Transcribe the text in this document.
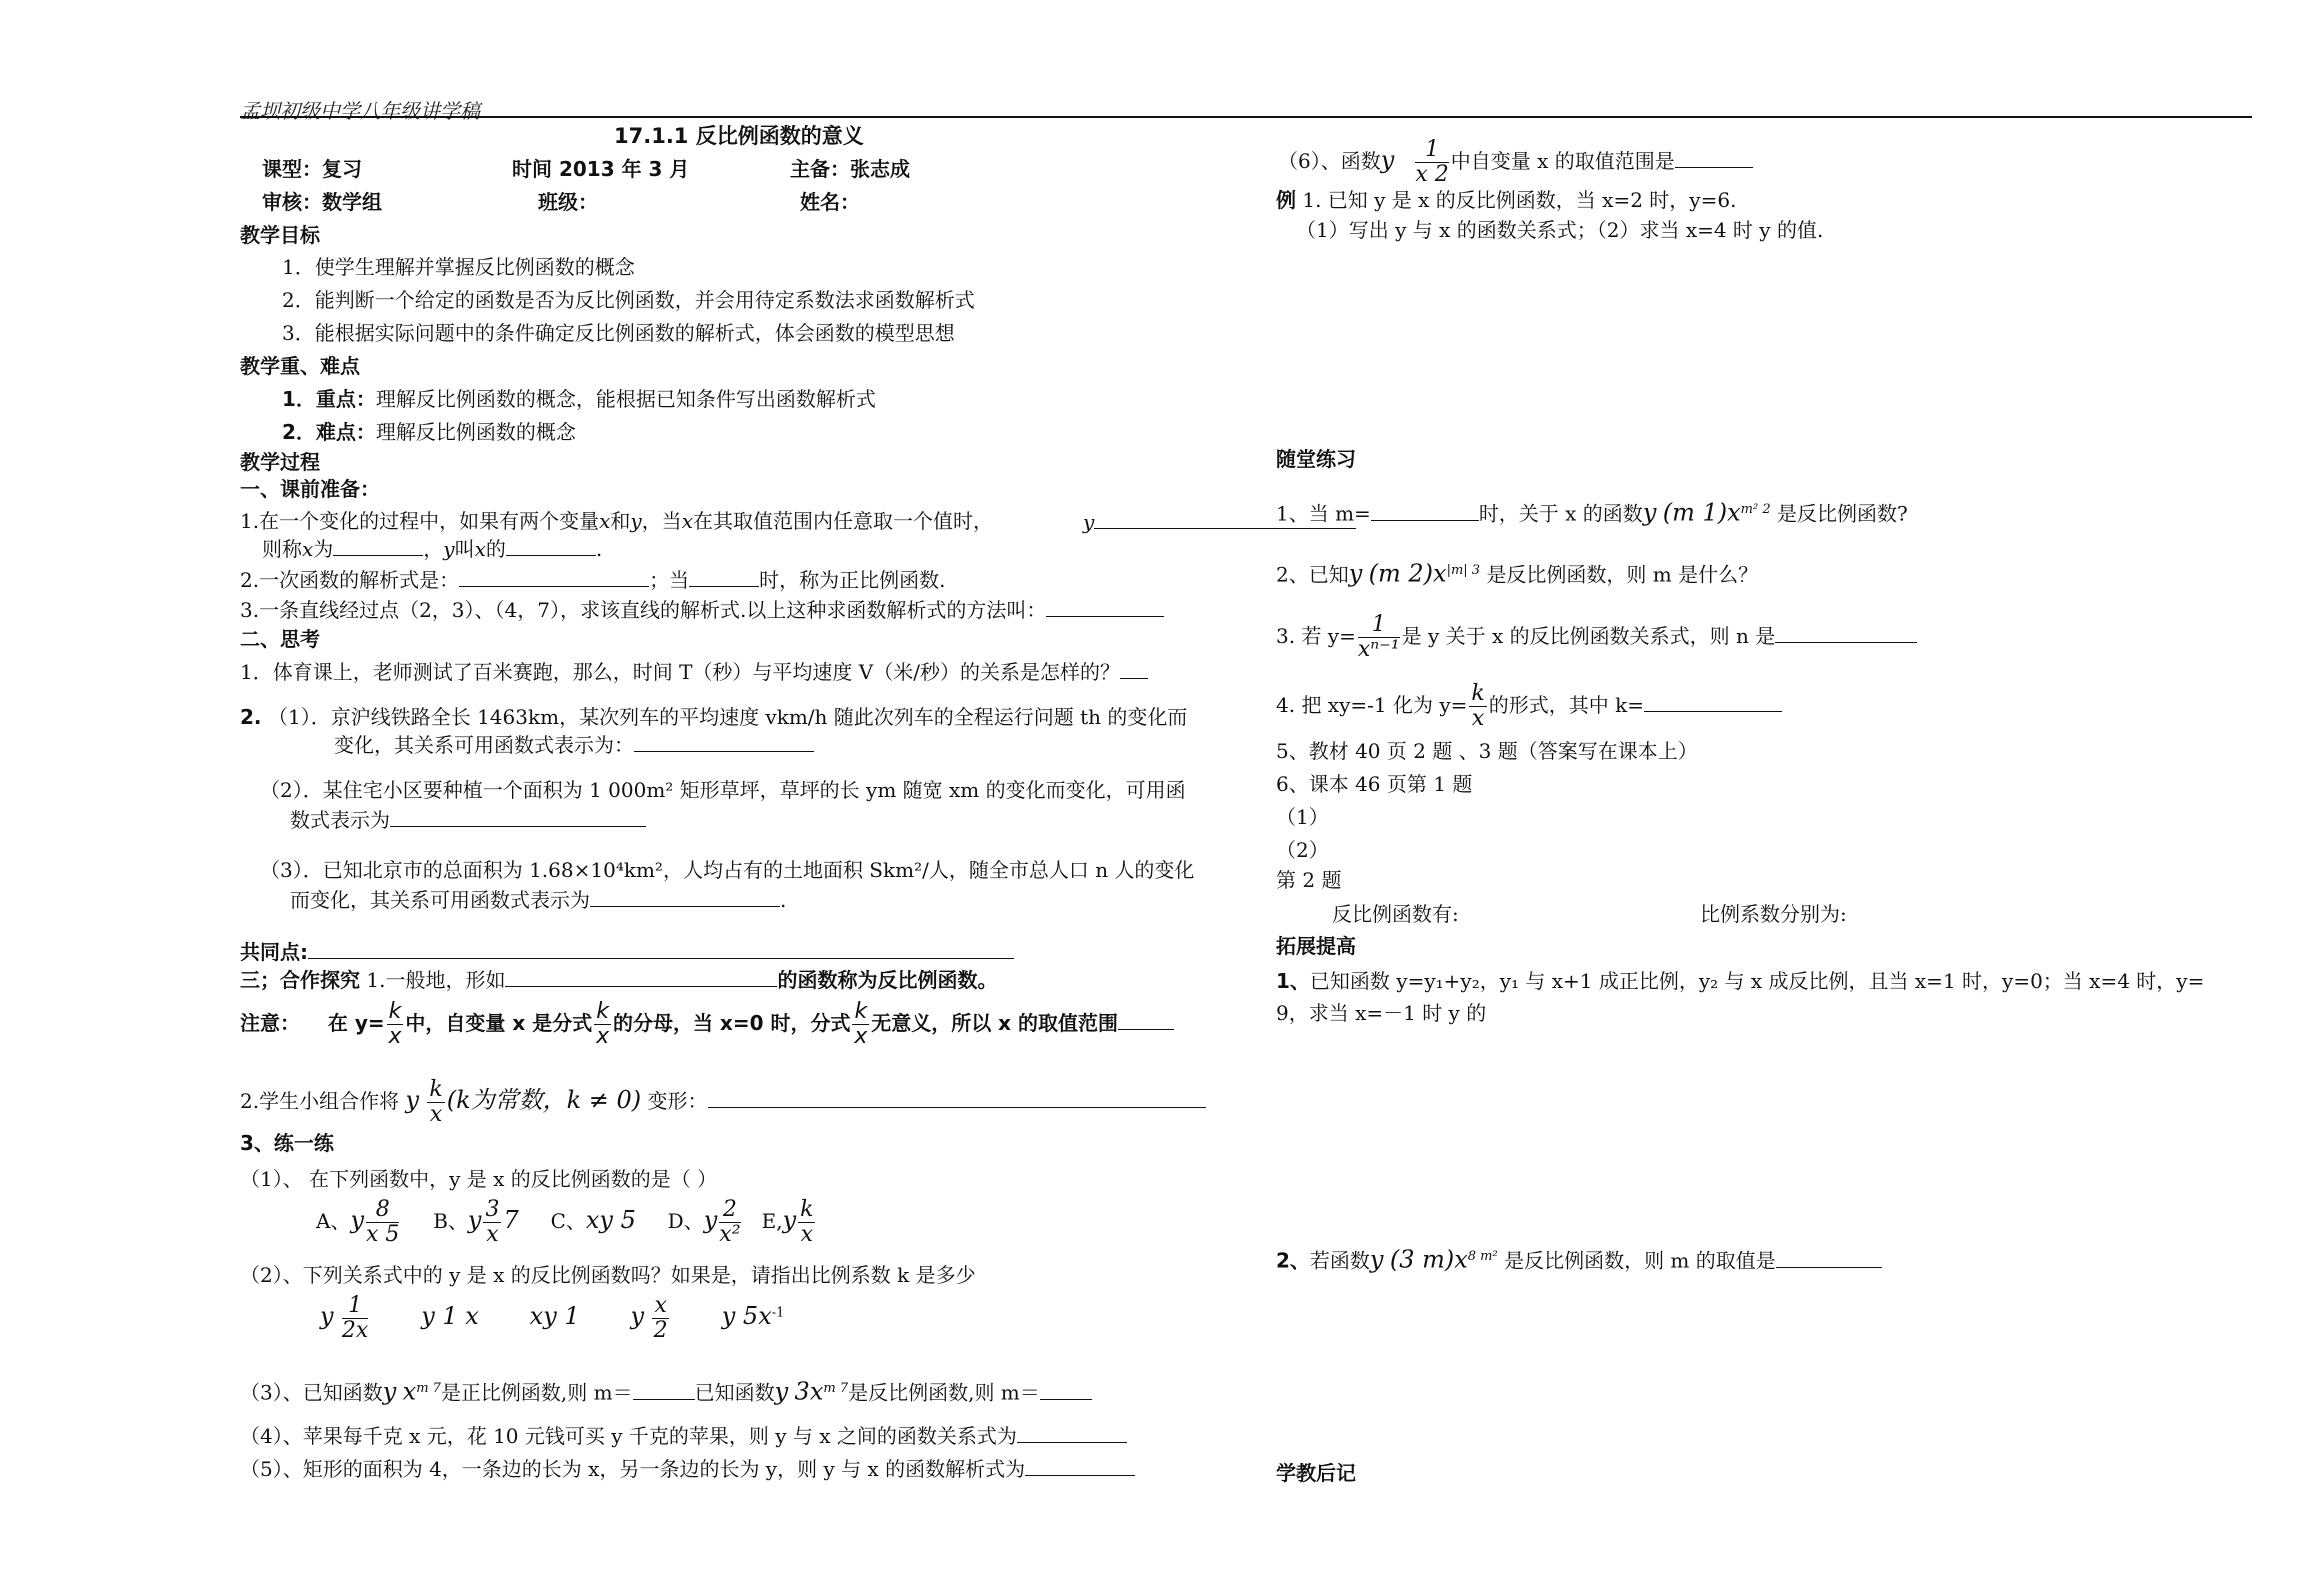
孟坝初级中学八年级讲学稿
17.1.1 反比例函数的意义
课型：复习	时间 2013 年 3 月	主备：张志成
审核：数学组	班级：	姓名：
教学目标
1．使学生理解并掌握反比例函数的概念
2．能判断一个给定的函数是否为反比例函数，并会用待定系数法求函数解析式
3．能根据实际问题中的条件确定反比例函数的解析式，体会函数的模型思想
教学重、难点
1．重点：理解反比例函数的概念，能根据已知条件写出函数解析式
2．难点：理解反比例函数的概念
教学过程
一、课前准备：
1.在一个变化的过程中，如果有两个变量x和y，当x在其取值范围内任意取一个值时，	y
则称x为	，y叫x的	.
2.一次函数的解析式是：	；当	时，称为正比例函数.
3.一条直线经过点（2，3）、（4，7），求该直线的解析式.以上这种求函数解析式的方法叫：
二、思考
1．体育课上，老师测试了百米赛跑，那么，时间 T（秒）与平均速度 V（米/秒）的关系是怎样的？
2. （1）．京沪线铁路全长 1463km，某次列车的平均速度 vkm/h 随此次列车的全程运行问题 th 的变化而
变化，其关系可用函数式表示为：
（2）．某住宅小区要种植一个面积为 1 000m² 矩形草坪，草坪的长 ym 随宽 xm 的变化而变化，可用函
数式表示为
（3）．已知北京市的总面积为 1.68×10⁴km²，人均占有的土地面积 Skm²/人，随全市总人口 n 人的变化
而变化，其关系可用函数式表示为	.
共同点:
三；合作探究 1.一般地，形如	的函数称为反比例函数。
注意： 在 $y= \frac{k}{x}$ 中，自变量 x 是分式 $\frac{k}{x}$ 的分母，当 x=0 时，分式 $\frac{k}{x}$ 无意义，所以 x 的取值范围
2.学生小组合作将 y $\frac{k}{x} (k$为常数，k ≠ 0) 变形：
3、练一练
（1）、 在下列函数中，y 是 x 的反比例函数的是（ ）
A、y $\frac{8}{x 5}$ B、y $\frac{3}{x} 7$ C、xy 5 D、y $\frac{2}{\text{x²}} E,y \frac{k}{x}$
（2）、下列关系式中的 y 是 x 的反比例函数吗？如果是，请指出比例系数 k 是多少
y $\frac{1}{2x}$ y 1 x xy 1 y $\frac{x}{2}$ y $5x^{-1}$
（3）、已知函数y $x^{m 7}$是正比例函数,则 m＝	已知函数y $3x^{m 7}$是反比例函数,则 m＝
（4）、苹果每千克 x 元，花 10 元钱可买 y 千克的苹果，则 y 与 x 之间的函数关系式为
（5）、矩形的面积为 4，一条边的长为 x，另一条边的长为 y，则 y 与 x 的函数解析式为
（6）、函数y $\frac{1}{x 2}$ 中自变量 x 的取值范围是
例 1. 已知 y 是 x 的反比例函数，当 x=2 时，y=6.
（1）写出 y 与 x 的函数关系式；（2）求当 x=4 时 y 的值.
随堂练习
1、当 m=	时，关于 x 的函数y (m $1)x^{m^2 2}$ 是反比例函数?
2、已知y (m $2)x^{|m| 3}$ 是反比例函数，则 m 是什么？
3. 若 $y= \frac{1}{\text{xⁿ⁻¹}}$ 是 y 关于 x 的反比例函数关系式，则 n 是
4. 把 xy=-1 化为 $y= \frac{k}{x}$ 的形式，其中 k=
5、教材 40 页 2 题 、3 题（答案写在课本上）
6、课本 46 页第 1 题
（1）
（2）
第 2 题
反比例函数有:	比例系数分别为:
拓展提高
1、已知函数 y=y₁+y₂，y₁ 与 x+1 成正比例，y₂ 与 x 成反比例，且当 x=1 时，y=0；当 x=4 时，y=
9，求当 x=－1 时 y 的
2、若函数y (3 $m)x^{8 m^2}$ 是反比例函数，则 m 的取值是
学教后记
